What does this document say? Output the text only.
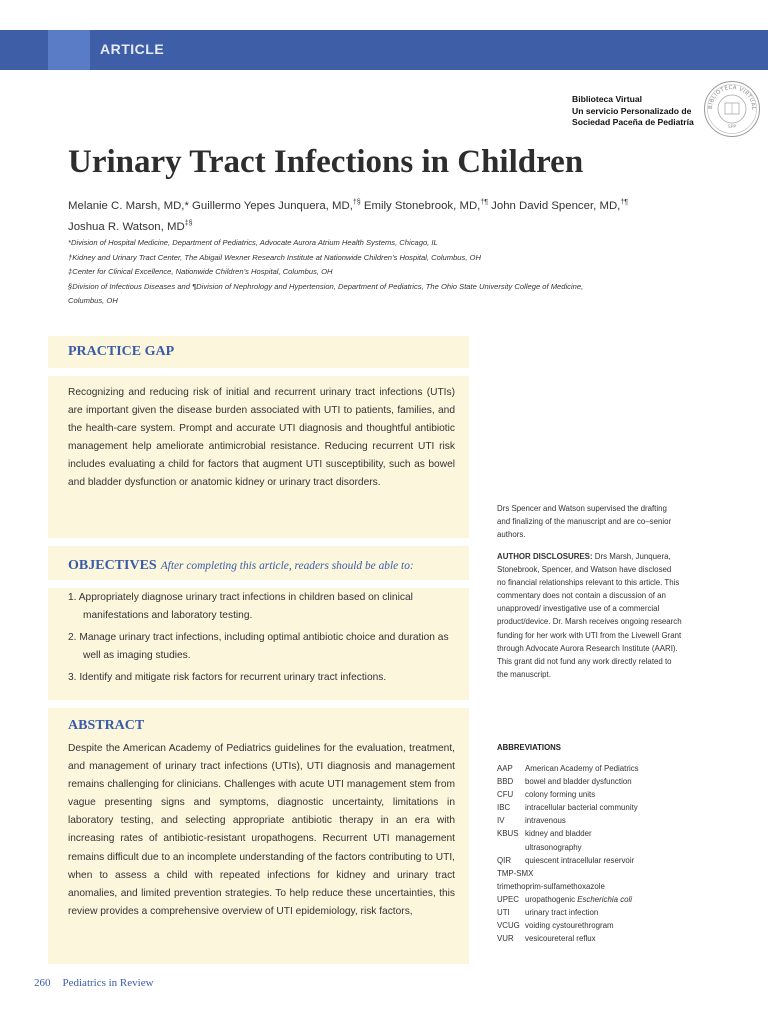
ARTICLE
Biblioteca Virtual
Un servicio Personalizado de
Sociedad Paceña de Pediatría
BIBLIOTECA VIRTUAL
SPP
Urinary Tract Infections in Children
Melanie C. Marsh, MD,* Guillermo Yepes Junquera, MD,†§ Emily Stonebrook, MD,†¶ John David Spencer, MD,†¶
Joshua R. Watson, MD‡§
*Division of Hospital Medicine, Department of Pediatrics, Advocate Aurora Atrium Health Systems, Chicago, IL
†Kidney and Urinary Tract Center, The Abigail Wexner Research Institute at Nationwide Children’s Hospital, Columbus, OH
‡Center for Clinical Excellence, Nationwide Children’s Hospital, Columbus, OH
§Division of Infectious Diseases and ¶Division of Nephrology and Hypertension, Department of Pediatrics, The Ohio State University College of Medicine,
Columbus, OH
PRACTICE GAP

Recognizing and reducing risk of initial and recurrent urinary tract infections (UTIs) are important given the disease burden associated with UTI to patients, families, and the health-care system. Prompt and accurate UTI diagnosis and thoughtful antibiotic management help ameliorate antimicrobial resistance. Reducing recurrent UTI risk includes evaluating a child for factors that augment UTI susceptibility, such as bowel and bladder dysfunction or anatomic kidney or urinary tract disorders.

OBJECTIVES After completing this article, readers should be able to:
1. Appropriately diagnose urinary tract infections in children based on clinical manifestations and laboratory testing.
2. Manage urinary tract infections, including optimal antibiotic choice and duration as well as imaging studies.
3. Identify and mitigate risk factors for recurrent urinary tract infections.
ABSTRACT

Despite the American Academy of Pediatrics guidelines for the evaluation, treatment, and management of urinary tract infections (UTIs), UTI diagnosis and management remains challenging for clinicians. Challenges with acute UTI management stem from vague presenting signs and symptoms, diagnostic uncertainty, limitations in laboratory testing, and selecting appropriate antibiotic therapy in an era with increasing rates of antibiotic-resistant uropathogens. Recurrent UTI management remains difficult due to an incomplete understanding of the factors contributing to UTI, when to assess a child with repeated infections for kidney and urinary tract anomalies, and limited prevention strategies. To help reduce these uncertainties, this review provides a comprehensive overview of UTI epidemiology, risk factors,

Drs Spencer and Watson supervised the drafting and finalizing of the manuscript and are co–senior authors.

AUTHOR DISCLOSURES: Drs Marsh, Junquera, Stonebrook, Spencer, and Watson have disclosed no financial relationships relevant to this article. This commentary does not contain a discussion of an unapproved/ investigative use of a commercial product/device. Dr. Marsh receives ongoing research funding for her work with UTI from the Livewell Grant through Advocate Aurora Research Institute (AARI). This grant did not fund any work directly related to the manuscript.

ABBREVIATIONS
AAP	American Academy of Pediatrics
BBD	bowel and bladder dysfunction
CFU	colony forming units
IBC	intracellular bacterial community
IV	intravenous
KBUS kidney and bladder ultrasonography
QIR	quiescent intracellular reservoir
TMP-SMX
trimethoprim-sulfamethoxazole
UPEC uropathogenic Escherichia coli
UTI	urinary tract infection
VCUG voiding cystourethrogram
VUR	vesicoureteral reflux
260 Pediatrics in Review
